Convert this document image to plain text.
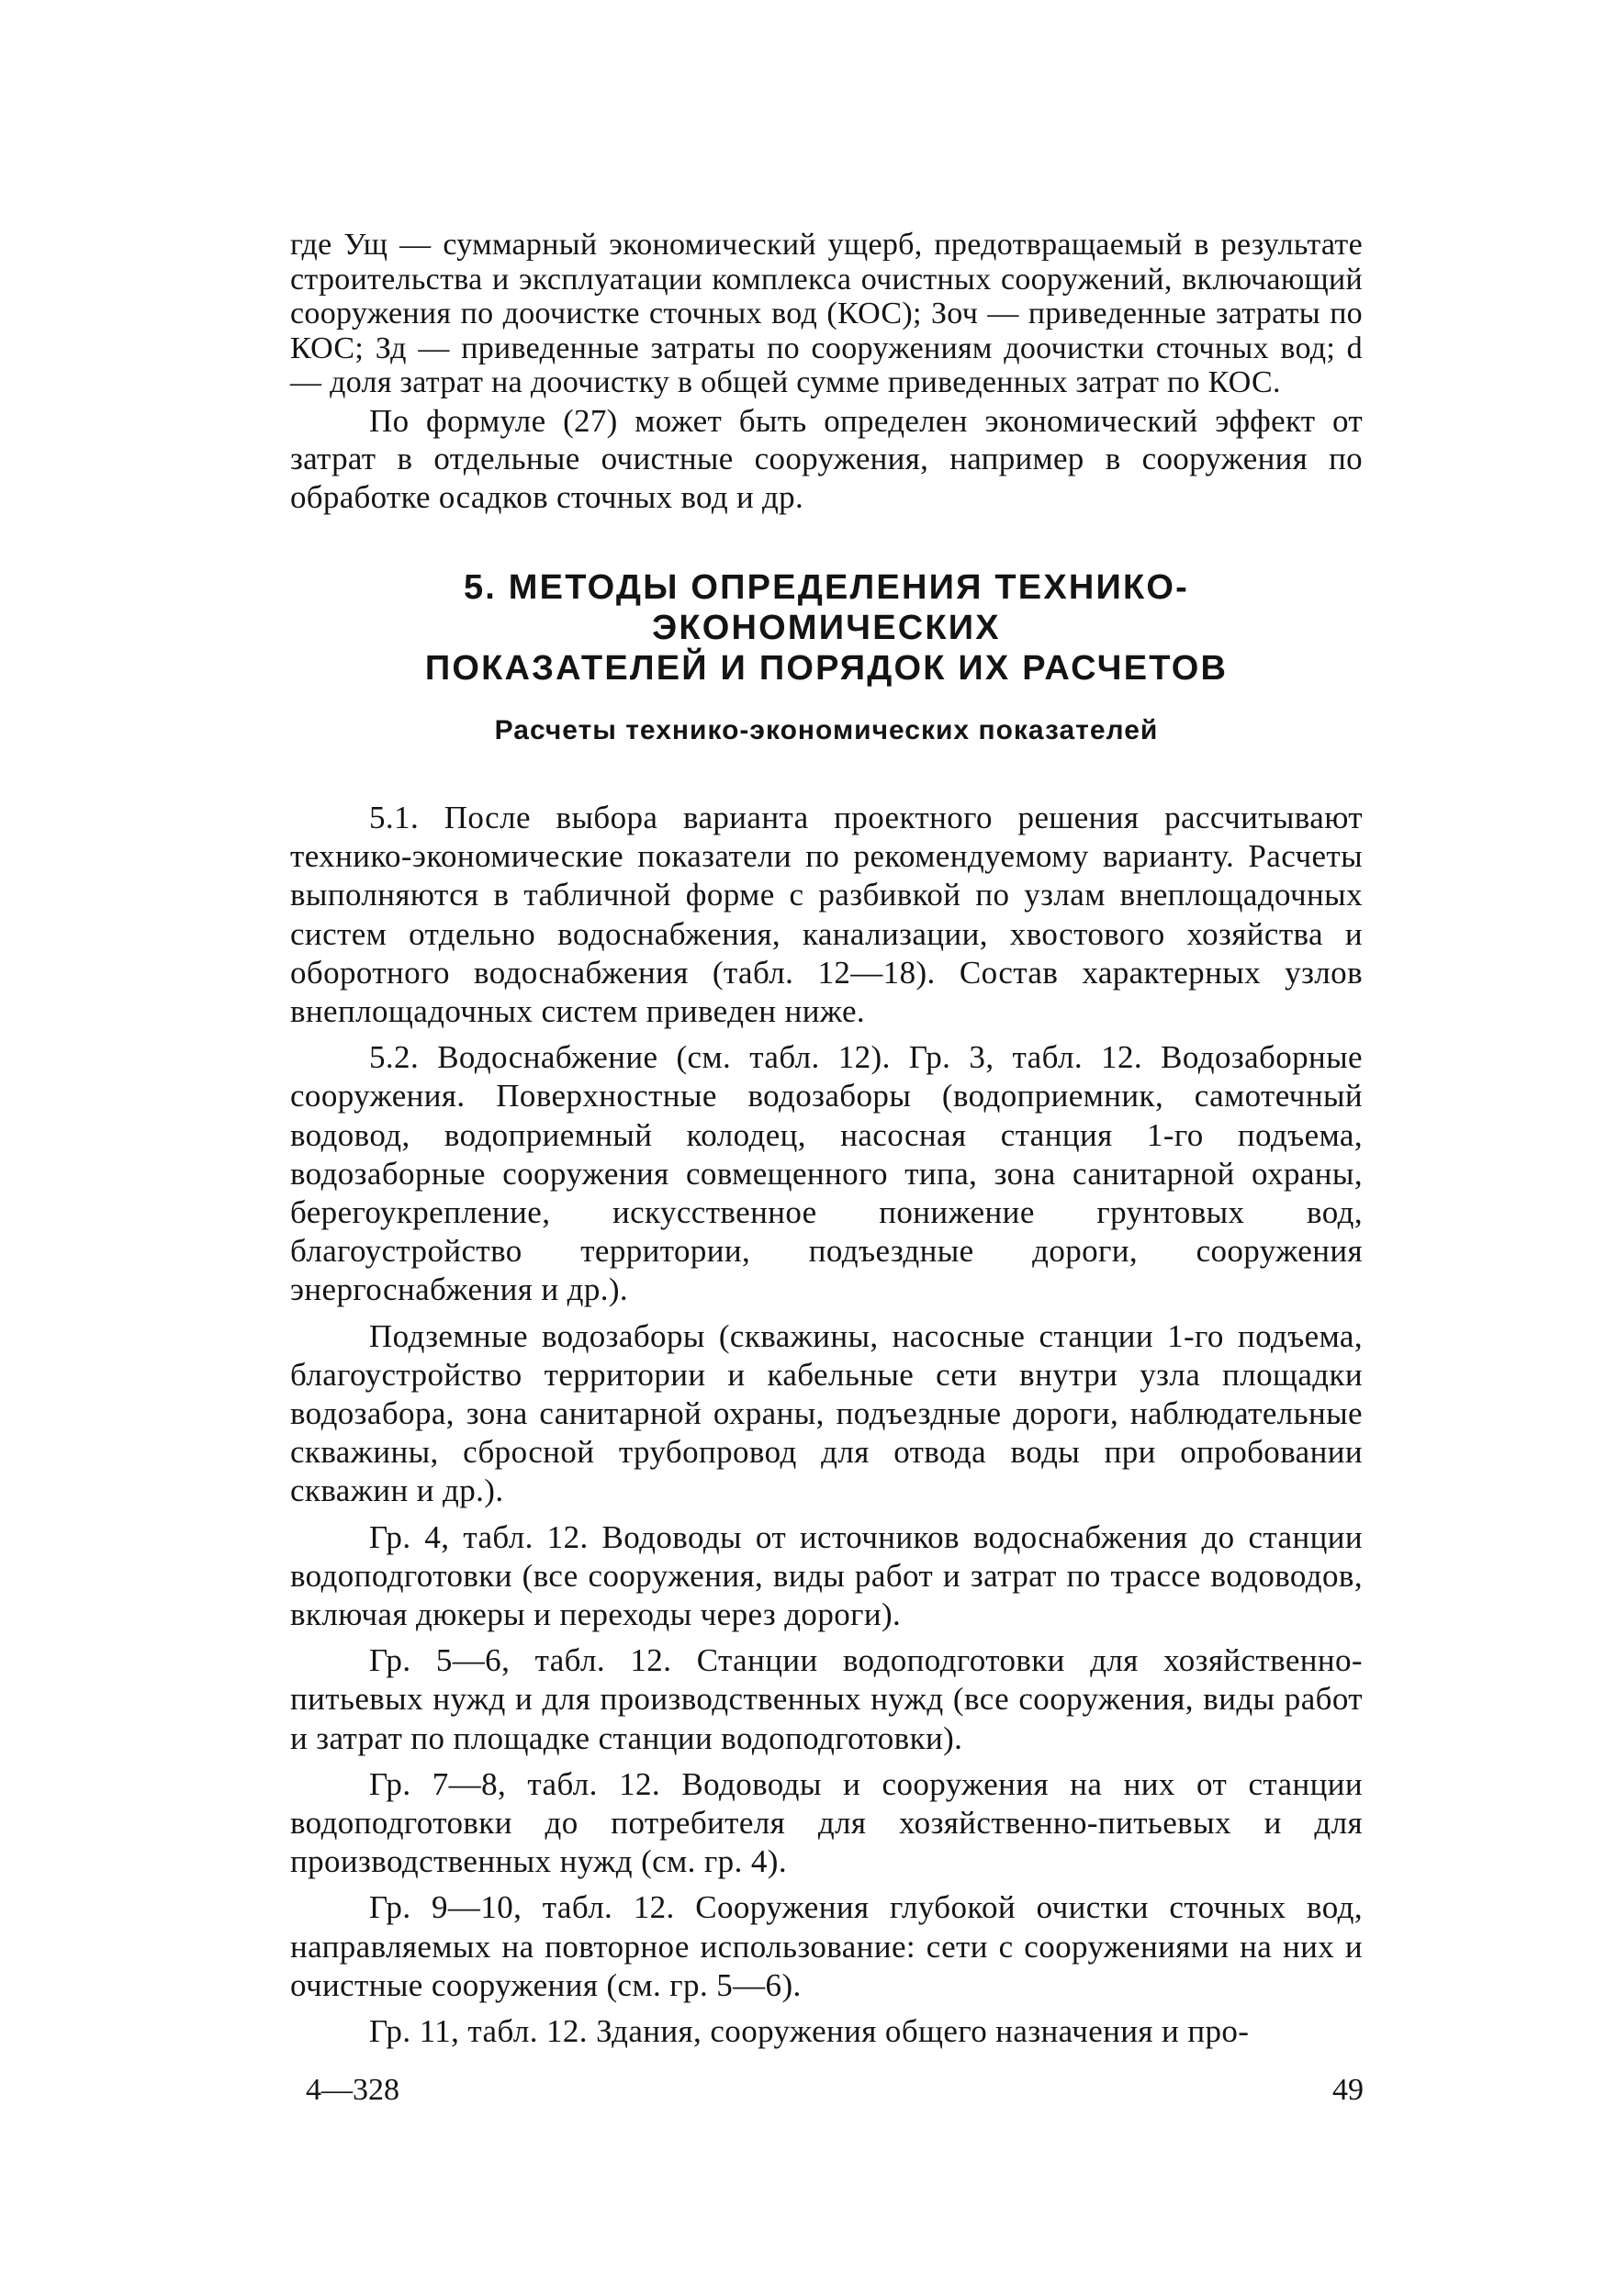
где Ущ — суммарный экономический ущерб, предотвращаемый в результате строительства и эксплуатации комплекса очистных сооружений, включающий сооружения по доочистке сточных вод (КОС); Зоч — приведенные затраты по КОС; Зд — приведенные затраты по сооружениям доочистки сточных вод; d — доля затрат на доочистку в общей сумме приведенных затрат по КОС.

По формуле (27) может быть определен экономический эффект от затрат в отдельные очистные сооружения, например в сооружения по обработке осадков сточных вод и др.

5. МЕТОДЫ ОПРЕДЕЛЕНИЯ ТЕХНИКО-ЭКОНОМИЧЕСКИХ
ПОКАЗАТЕЛЕЙ И ПОРЯДОК ИХ РАСЧЕТОВ
Расчеты технико-экономических показателей

5.1. После выбора варианта проектного решения рассчитывают технико-экономические показатели по рекомендуемому варианту. Расчеты выполняются в табличной форме с разбивкой по узлам внеплощадочных систем отдельно водоснабжения, канализации, хвостового хозяйства и оборотного водоснабжения (табл. 12—18). Состав характерных узлов внеплощадочных систем приведен ниже.

5.2. Водоснабжение (см. табл. 12). Гр. 3, табл. 12. Водозаборные сооружения. Поверхностные водозаборы (водоприемник, самотечный водовод, водоприемный колодец, насосная станция 1-го подъема, водозаборные сооружения совмещенного типа, зона санитарной охраны, берегоукрепление, искусственное понижение грунтовых вод, благоустройство территории, подъездные дороги, сооружения энергоснабжения и др.).

Подземные водозаборы (скважины, насосные станции 1-го подъема, благоустройство территории и кабельные сети внутри узла площадки водозабора, зона санитарной охраны, подъездные дороги, наблюдательные скважины, сбросной трубопровод для отвода воды при опробовании скважин и др.).

Гр. 4, табл. 12. Водоводы от источников водоснабжения до станции водоподготовки (все сооружения, виды работ и затрат по трассе водоводов, включая дюкеры и переходы через дороги).

Гр. 5—6, табл. 12. Станции водоподготовки для хозяйственно-питьевых нужд и для производственных нужд (все сооружения, виды работ и затрат по площадке станции водоподготовки).

Гр. 7—8, табл. 12. Водоводы и сооружения на них от станции водоподготовки до потребителя для хозяйственно-питьевых и для производственных нужд (см. гр. 4).

Гр. 9—10, табл. 12. Сооружения глубокой очистки сточных вод, направляемых на повторное использование: сети с сооружениями на них и очистные сооружения (см. гр. 5—6).

Гр. 11, табл. 12. Здания, сооружения общего назначения и про-

4—328	49
